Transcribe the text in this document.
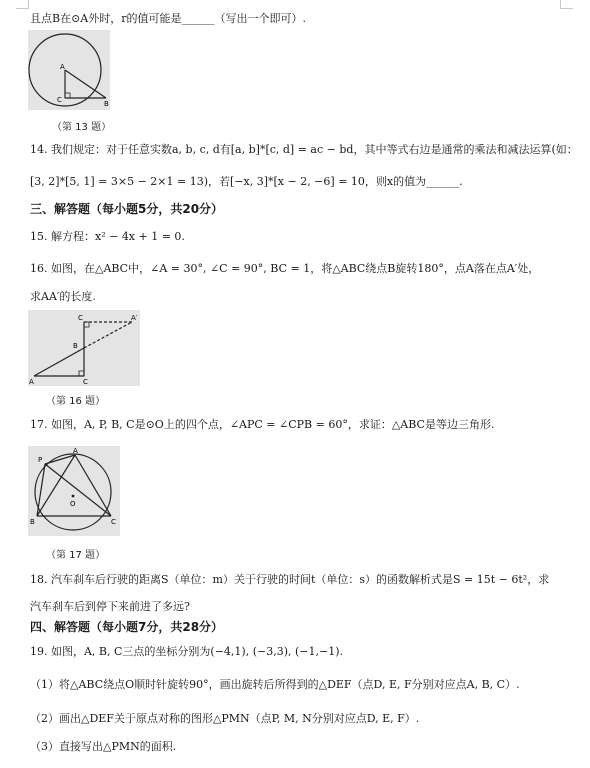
且点B在⊙A外时，r的值可能是______（写出一个即可）.
A
C	B
（第 13 题）
14. 我们规定：对于任意实数a, b, c, d有[a, b]*[c, d] = ac − bd，其中等式右边是通常的乘法和减法运算(如：
[3, 2]*[5, 1] = 3×5 − 2×1 = 13)，若[−x, 3]*[x − 2, −6] = 10，则x的值为______.
三、解答题（每小题5分，共20分）
15. 解方程：x² − 4x + 1 = 0.
16. 如图，在△ABC中，∠A = 30°, ∠C = 90°, BC = 1，将△ABC绕点B旋转180°，点A落在点A′处，
求AA′的长度.
C	A′
B
A	C
（第 16 题）
17. 如图，A, P, B, C是⊙O上的四个点，∠APC = ∠CPB = 60°，求证：△ABC是等边三角形.
P
A
O
B	C
（第 17 题）
18. 汽车刹车后行驶的距离S（单位：m）关于行驶的时间t（单位：s）的函数解析式是S = 15t − 6t²，求
汽车刹车后到停下来前进了多远?
四、解答题（每小题7分，共28分）
19. 如图，A, B, C三点的坐标分别为(−4,1), (−3,3), (−1,−1).
（1）将△ABC绕点O顺时针旋转90°，画出旋转后所得到的△DEF（点D, E, F分别对应点A, B, C）.
（2）画出△DEF关于原点对称的图形△PMN（点P, M, N分别对应点D, E, F）.
（3）直接写出△PMN的面积.
